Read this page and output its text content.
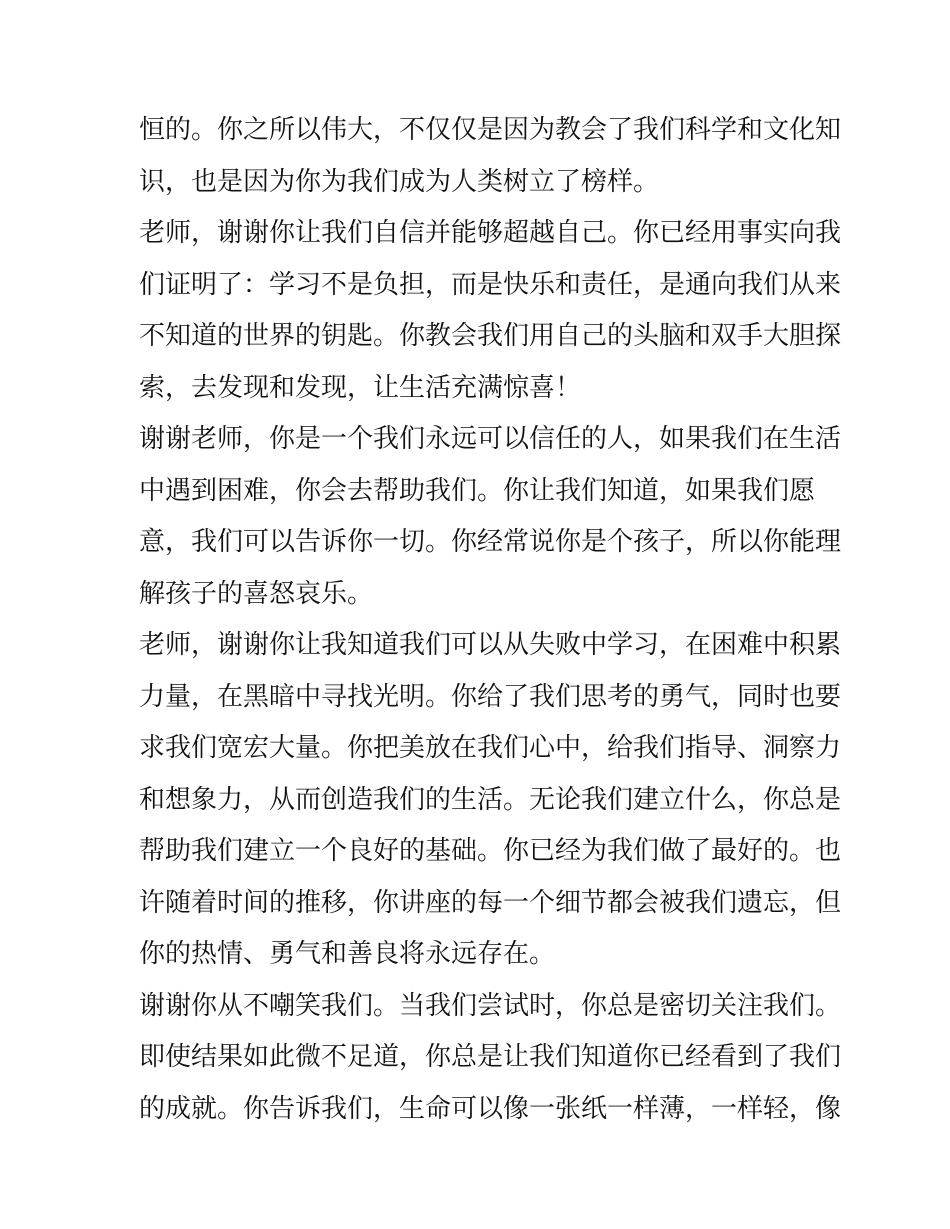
恒的。你之所以伟大，不仅仅是因为教会了我们科学和文化知
识，也是因为你为我们成为人类树立了榜样。
老师，谢谢你让我们自信并能够超越自己。你已经用事实向我
们证明了：学习不是负担，而是快乐和责任，是通向我们从来
不知道的世界的钥匙。你教会我们用自己的头脑和双手大胆探
索，去发现和发现，让生活充满惊喜！
谢谢老师，你是一个我们永远可以信任的人，如果我们在生活
中遇到困难，你会去帮助我们。你让我们知道，如果我们愿
意，我们可以告诉你一切。你经常说你是个孩子，所以你能理
解孩子的喜怒哀乐。
老师，谢谢你让我知道我们可以从失败中学习，在困难中积累
力量，在黑暗中寻找光明。你给了我们思考的勇气，同时也要
求我们宽宏大量。你把美放在我们心中，给我们指导、洞察力
和想象力，从而创造我们的生活。无论我们建立什么，你总是
帮助我们建立一个良好的基础。你已经为我们做了最好的。也
许随着时间的推移，你讲座的每一个细节都会被我们遗忘，但
你的热情、勇气和善良将永远存在。
谢谢你从不嘲笑我们。当我们尝试时，你总是密切关注我们。
即使结果如此微不足道，你总是让我们知道你已经看到了我们
的成就。你告诉我们，生命可以像一张纸一样薄，一样轻，像
